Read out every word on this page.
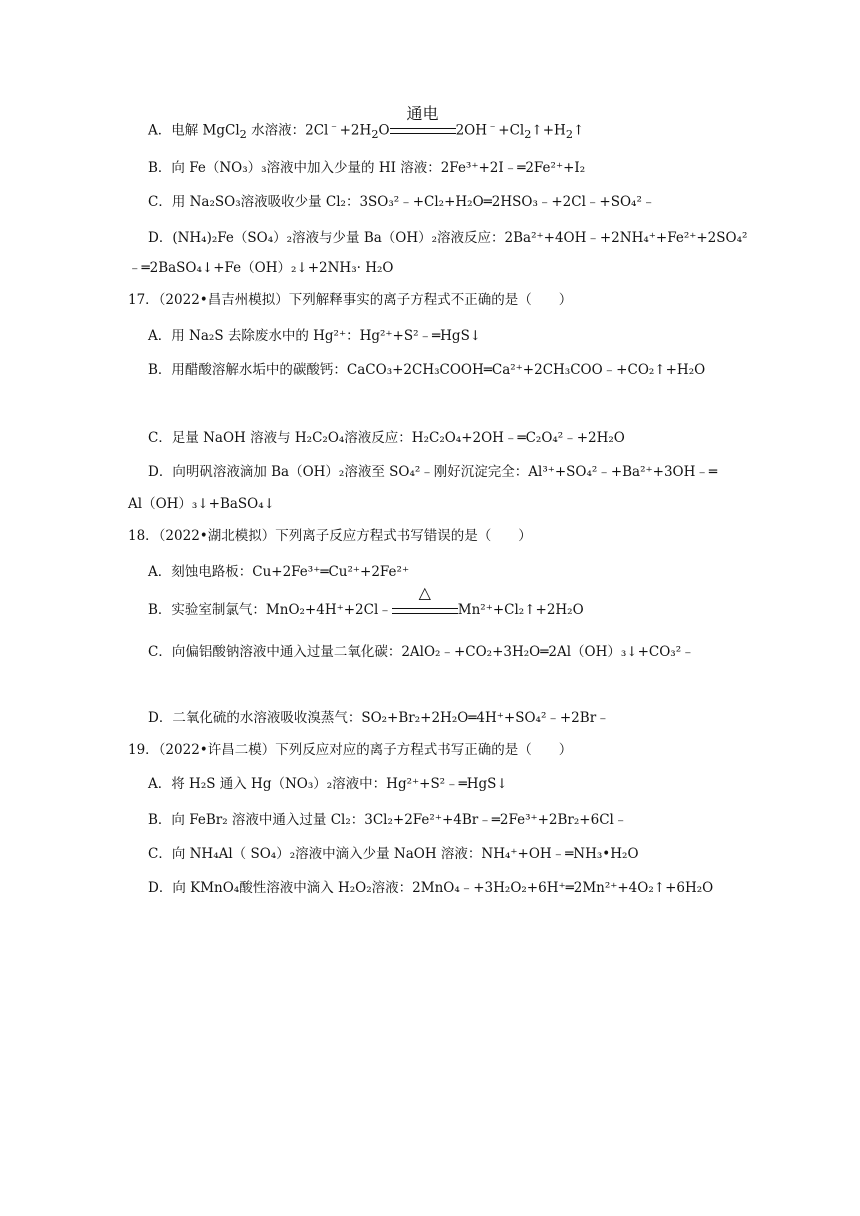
A．电解 MgCl$_2$ 水溶液：$2Cl^﹣+2H_2O$
通电
$2OH^﹣+Cl_2↑+H_2↑$
B．向 Fe（NO₃）₃溶液中加入少量的 HI 溶液：2Fe³⁺+2I﹣═2Fe²⁺+I₂
C．用 Na₂SO₃溶液吸收少量 Cl₂：3SO₃²﹣+Cl₂+H₂O═2HSO₃﹣+2Cl﹣+SO₄²﹣
D．(NH₄)₂Fe（SO₄）₂溶液与少量 Ba（OH）₂溶液反应：2Ba²⁺+4OH﹣+2NH₄⁺+Fe²⁺+2SO₄²
﹣═2BaSO₄↓+Fe（OH）₂↓+2NH₃· H₂O
17．（2022•昌吉州模拟）下列解释事实的离子方程式不正确的是（　　）
A．用 Na₂S 去除废水中的 Hg²⁺：Hg²⁺+S²﹣═HgS↓
B．用醋酸溶解水垢中的碳酸钙：CaCO₃+2CH₃COOH═Ca²⁺+2CH₃COO﹣+CO₂↑+H₂O
C．足量 NaOH 溶液与 H₂C₂O₄溶液反应：H₂C₂O₄+2OH﹣═C₂O₄²﹣+2H₂O
D．向明矾溶液滴加 Ba（OH）₂溶液至 SO₄²﹣刚好沉淀完全：Al³⁺+SO₄²﹣+Ba²⁺+3OH﹣═
Al（OH）₃↓+BaSO₄↓
18．（2022•湖北模拟）下列离子反应方程式书写错误的是（　　）
A．刻蚀电路板：Cu+2Fe³⁺═Cu²⁺+2Fe²⁺
B．实验室制氯气：MnO₂+4H⁺+2Cl﹣
△
Mn²⁺+Cl₂↑+2H₂O
C．向偏铝酸钠溶液中通入过量二氧化碳：2AlO₂﹣+CO₂+3H₂O═2Al（OH）₃↓+CO₃²﹣
D．二氧化硫的水溶液吸收溴蒸气：SO₂+Br₂+2H₂O═4H⁺+SO₄²﹣+2Br﹣
19．（2022•许昌二模）下列反应对应的离子方程式书写正确的是（　　）
A．将 H₂S 通入 Hg（NO₃）₂溶液中：Hg²⁺+S²﹣═HgS↓
B．向 FeBr₂ 溶液中通入过量 Cl₂：3Cl₂+2Fe²⁺+4Br﹣═2Fe³⁺+2Br₂+6Cl﹣
C．向 NH₄Al（ SO₄）₂溶液中滴入少量 NaOH 溶液：NH₄⁺+OH﹣═NH₃•H₂O
D．向 KMnO₄酸性溶液中滴入 H₂O₂溶液：2MnO₄﹣+3H₂O₂+6H⁺═2Mn²⁺+4O₂↑+6H₂O
